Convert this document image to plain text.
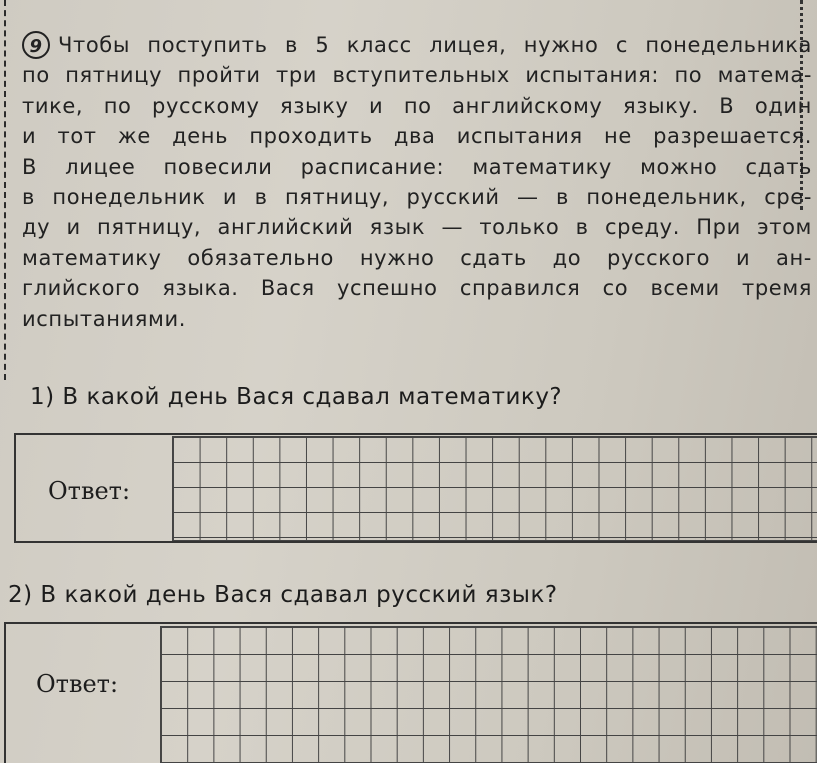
9 Чтобы поступить в 5 класс лицея, нужно с понедельника
по пятницу пройти три вступительных испытания: по матема-
тике, по русскому языку и по английскому языку. В один
и тот же день проходить два испытания не разрешается.
В лицее повесили расписание: математику можно сдать
в понедельник и в пятницу, русский — в понедельник, сре-
ду и пятницу, английский язык — только в среду. При этом
математику обязательно нужно сдать до русского и ан-
глийского языка. Вася успешно справился со всеми тремя
испытаниями.
1) В какой день Вася сдавал математику?
Ответ:
2) В какой день Вася сдавал русский язык?
Ответ:
